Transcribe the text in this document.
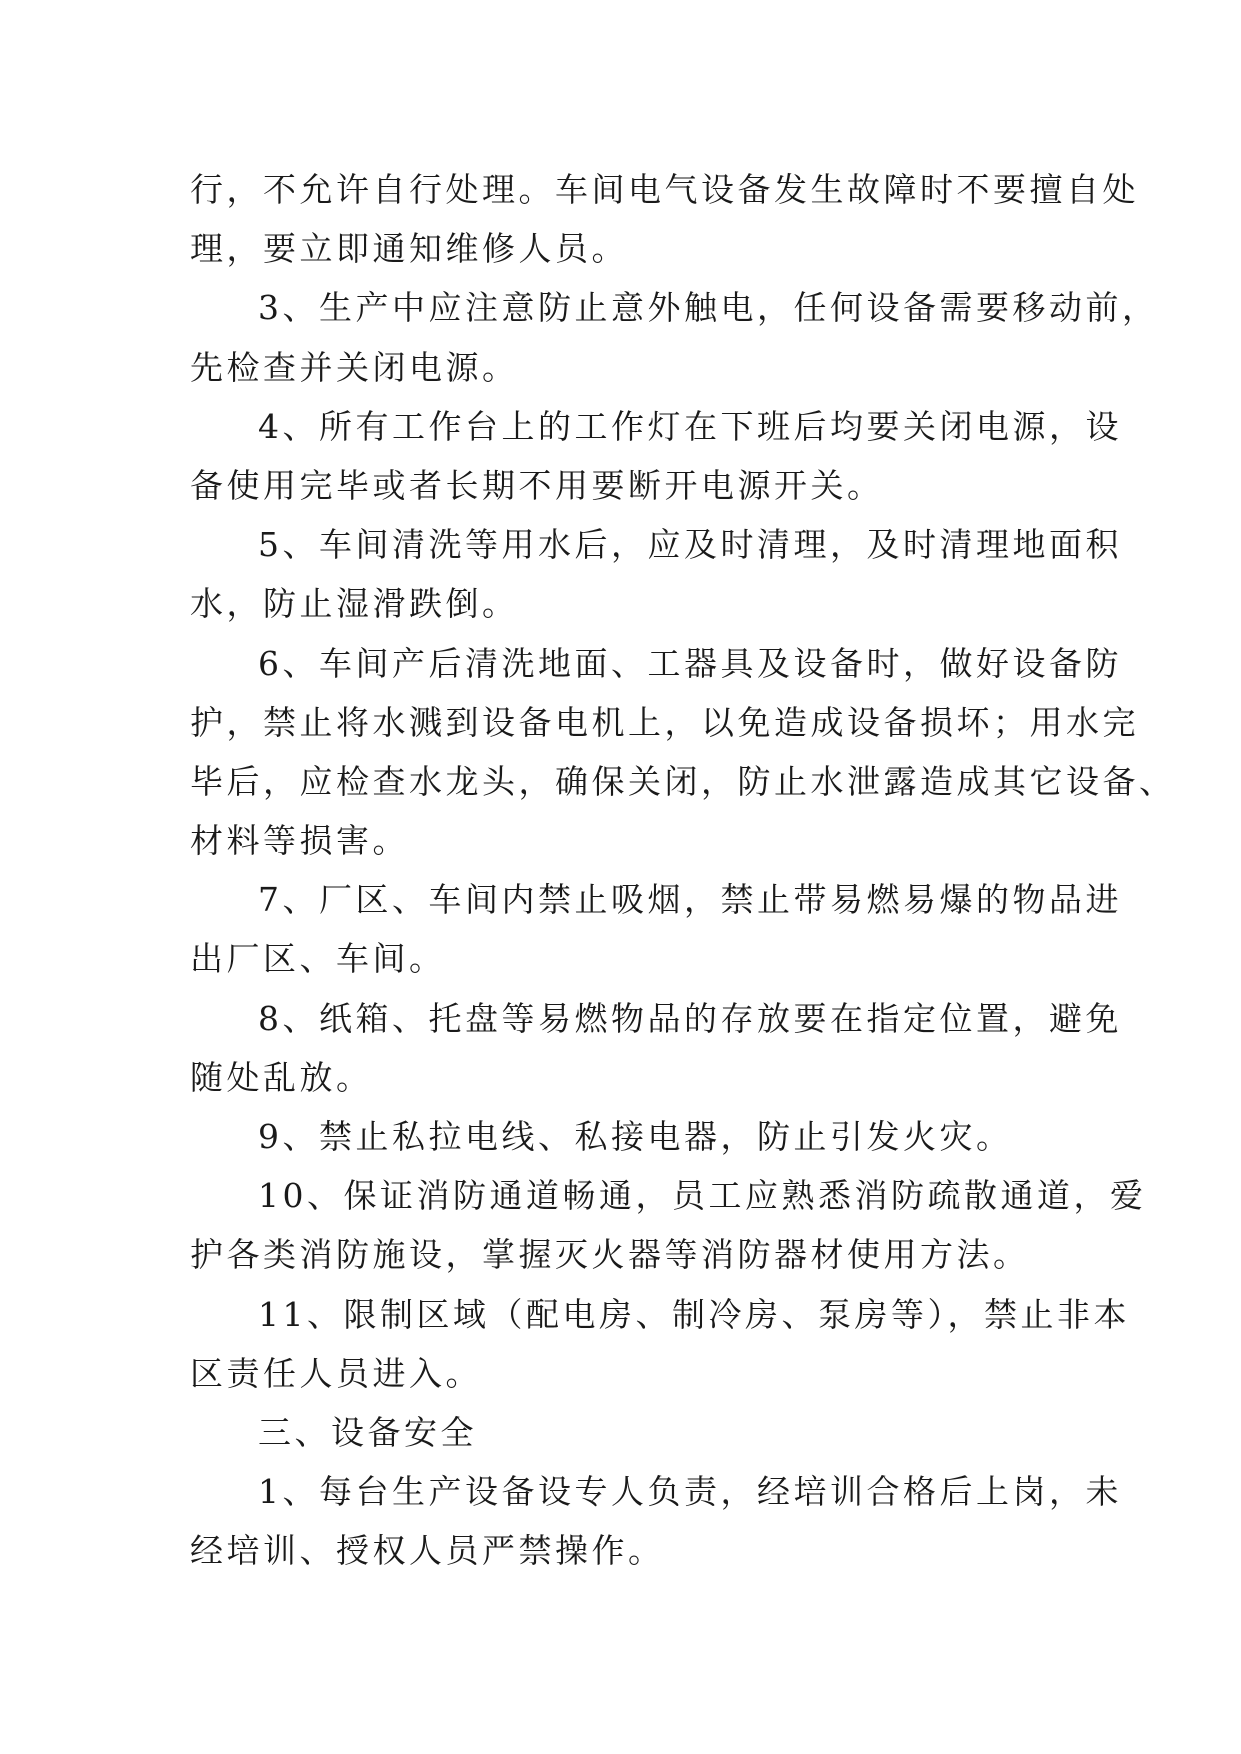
行，不允许自行处理。车间电气设备发生故障时不要擅自处
理，要立即通知维修人员。
3、生产中应注意防止意外触电，任何设备需要移动前，
先检查并关闭电源。
4、所有工作台上的工作灯在下班后均要关闭电源，设
备使用完毕或者长期不用要断开电源开关。
5、车间清洗等用水后，应及时清理，及时清理地面积
水，防止湿滑跌倒。
6、车间产后清洗地面、工器具及设备时，做好设备防
护，禁止将水溅到设备电机上，以免造成设备损坏；用水完
毕后，应检查水龙头，确保关闭，防止水泄露造成其它设备、
材料等损害。
7、厂区、车间内禁止吸烟，禁止带易燃易爆的物品进
出厂区、车间。
8、纸箱、托盘等易燃物品的存放要在指定位置，避免
随处乱放。
9、禁止私拉电线、私接电器，防止引发火灾。
10、保证消防通道畅通，员工应熟悉消防疏散通道，爱
护各类消防施设，掌握灭火器等消防器材使用方法。
11、限制区域（配电房、制冷房、泵房等），禁止非本
区责任人员进入。
三、设备安全
1、每台生产设备设专人负责，经培训合格后上岗，未
经培训、授权人员严禁操作。
